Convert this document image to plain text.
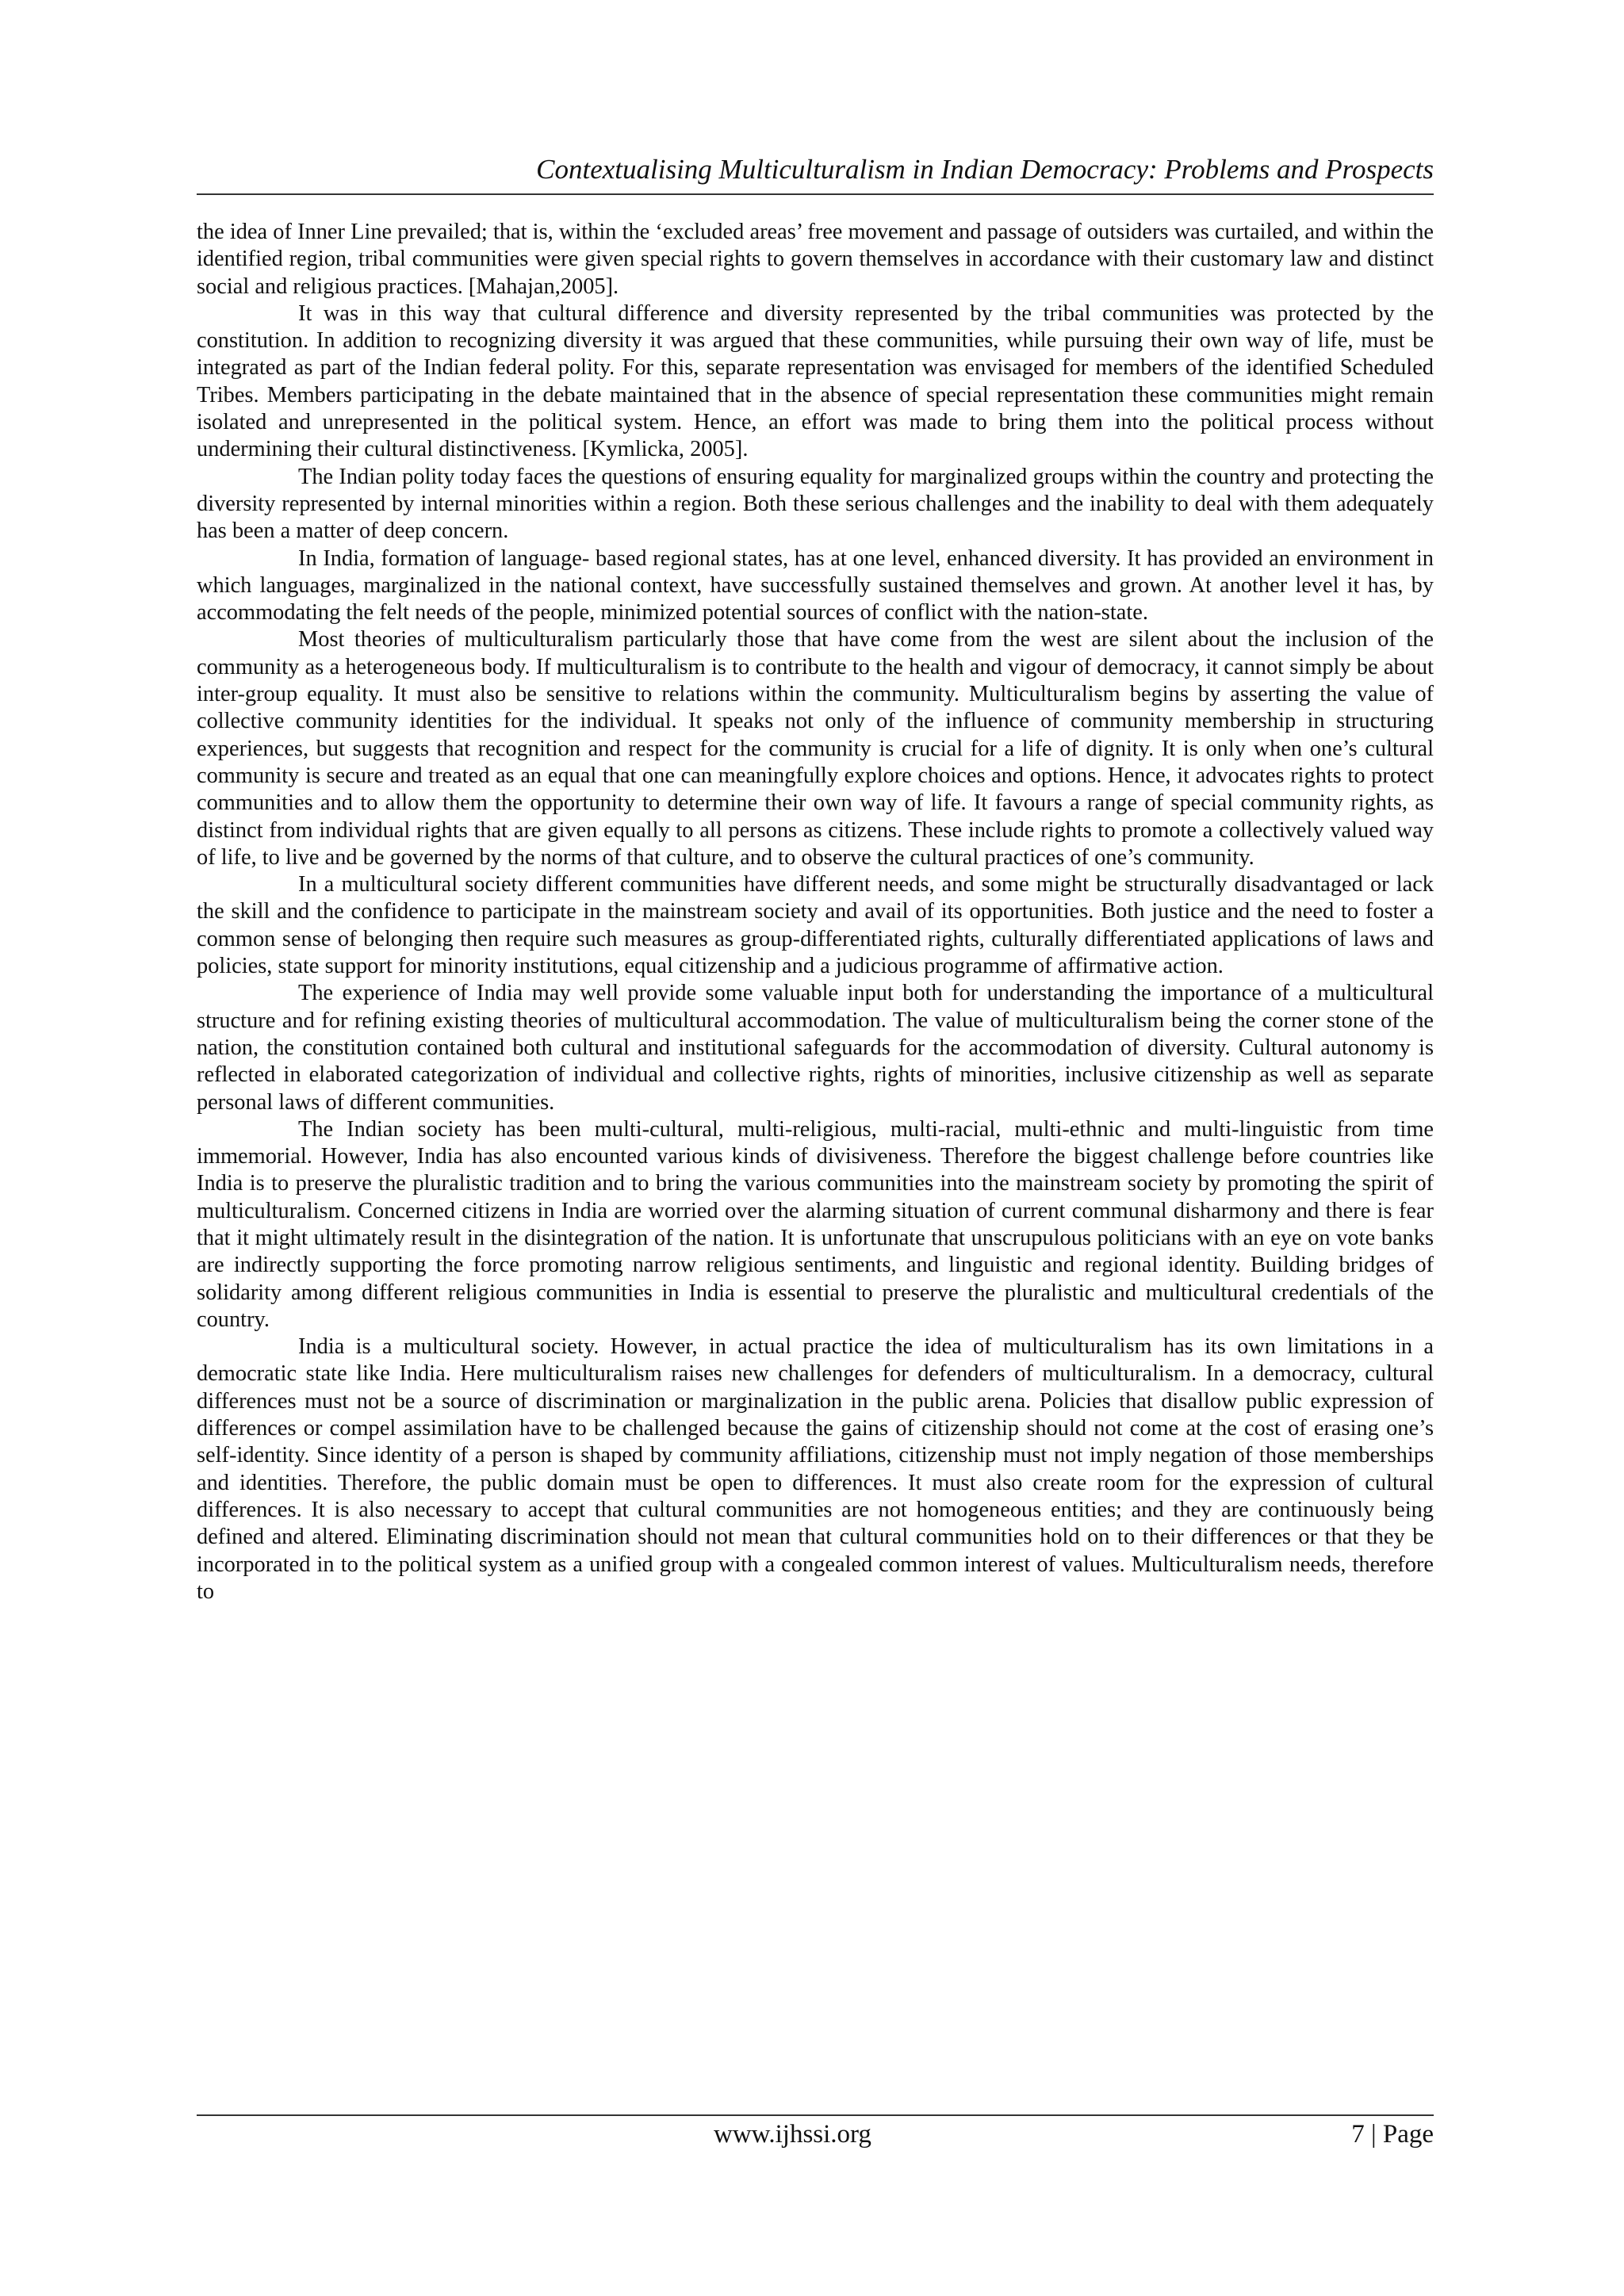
Contextualising Multiculturalism in Indian Democracy: Problems and Prospects

the idea of Inner Line prevailed; that is, within the ‘excluded areas’ free movement and passage of outsiders was curtailed, and within the identified region, tribal communities were given special rights to govern themselves in accordance with their customary law and distinct social and religious practices. [Mahajan,2005].

It was in this way that cultural difference and diversity represented by the tribal communities was protected by the constitution. In addition to recognizing diversity it was argued that these communities, while pursuing their own way of life, must be integrated as part of the Indian federal polity. For this, separate representation was envisaged for members of the identified Scheduled Tribes. Members participating in the debate maintained that in the absence of special representation these communities might remain isolated and unrepresented in the political system. Hence, an effort was made to bring them into the political process without undermining their cultural distinctiveness. [Kymlicka, 2005].

The Indian polity today faces the questions of ensuring equality for marginalized groups within the country and protecting the diversity represented by internal minorities within a region. Both these serious challenges and the inability to deal with them adequately has been a matter of deep concern.

In India, formation of language- based regional states, has at one level, enhanced diversity. It has provided an environment in which languages, marginalized in the national context, have successfully sustained themselves and grown. At another level it has, by accommodating the felt needs of the people, minimized potential sources of conflict with the nation-state.

Most theories of multiculturalism particularly those that have come from the west are silent about the inclusion of the community as a heterogeneous body. If multiculturalism is to contribute to the health and vigour of democracy, it cannot simply be about inter-group equality. It must also be sensitive to relations within the community. Multiculturalism begins by asserting the value of collective community identities for the individual. It speaks not only of the influence of community membership in structuring experiences, but suggests that recognition and respect for the community is crucial for a life of dignity. It is only when one’s cultural community is secure and treated as an equal that one can meaningfully explore choices and options. Hence, it advocates rights to protect communities and to allow them the opportunity to determine their own way of life. It favours a range of special community rights, as distinct from individual rights that are given equally to all persons as citizens. These include rights to promote a collectively valued way of life, to live and be governed by the norms of that culture, and to observe the cultural practices of one’s community.

In a multicultural society different communities have different needs, and some might be structurally disadvantaged or lack the skill and the confidence to participate in the mainstream society and avail of its opportunities. Both justice and the need to foster a common sense of belonging then require such measures as group-differentiated rights, culturally differentiated applications of laws and policies, state support for minority institutions, equal citizenship and a judicious programme of affirmative action.

The experience of India may well provide some valuable input both for understanding the importance of a multicultural structure and for refining existing theories of multicultural accommodation. The value of multiculturalism being the corner stone of the nation, the constitution contained both cultural and institutional safeguards for the accommodation of diversity. Cultural autonomy is reflected in elaborated categorization of individual and collective rights, rights of minorities, inclusive citizenship as well as separate personal laws of different communities.

The Indian society has been multi-cultural, multi-religious, multi-racial, multi-ethnic and multi-linguistic from time immemorial. However, India has also encounted various kinds of divisiveness. Therefore the biggest challenge before countries like India is to preserve the pluralistic tradition and to bring the various communities into the mainstream society by promoting the spirit of multiculturalism. Concerned citizens in India are worried over the alarming situation of current communal disharmony and there is fear that it might ultimately result in the disintegration of the nation. It is unfortunate that unscrupulous politicians with an eye on vote banks are indirectly supporting the force promoting narrow religious sentiments, and linguistic and regional identity. Building bridges of solidarity among different religious communities in India is essential to preserve the pluralistic and multicultural credentials of the country.

India is a multicultural society. However, in actual practice the idea of multiculturalism has its own limitations in a democratic state like India. Here multiculturalism raises new challenges for defenders of multiculturalism. In a democracy, cultural differences must not be a source of discrimination or marginalization in the public arena. Policies that disallow public expression of differences or compel assimilation have to be challenged because the gains of citizenship should not come at the cost of erasing one’s self-identity. Since identity of a person is shaped by community affiliations, citizenship must not imply negation of those memberships and identities. Therefore, the public domain must be open to differences. It must also create room for the expression of cultural differences. It is also necessary to accept that cultural communities are not homogeneous entities; and they are continuously being defined and altered. Eliminating discrimination should not mean that cultural communities hold on to their differences or that they be incorporated in to the political system as a unified group with a congealed common interest of values. Multiculturalism needs, therefore to

www.ijhssi.org	7 | Page
